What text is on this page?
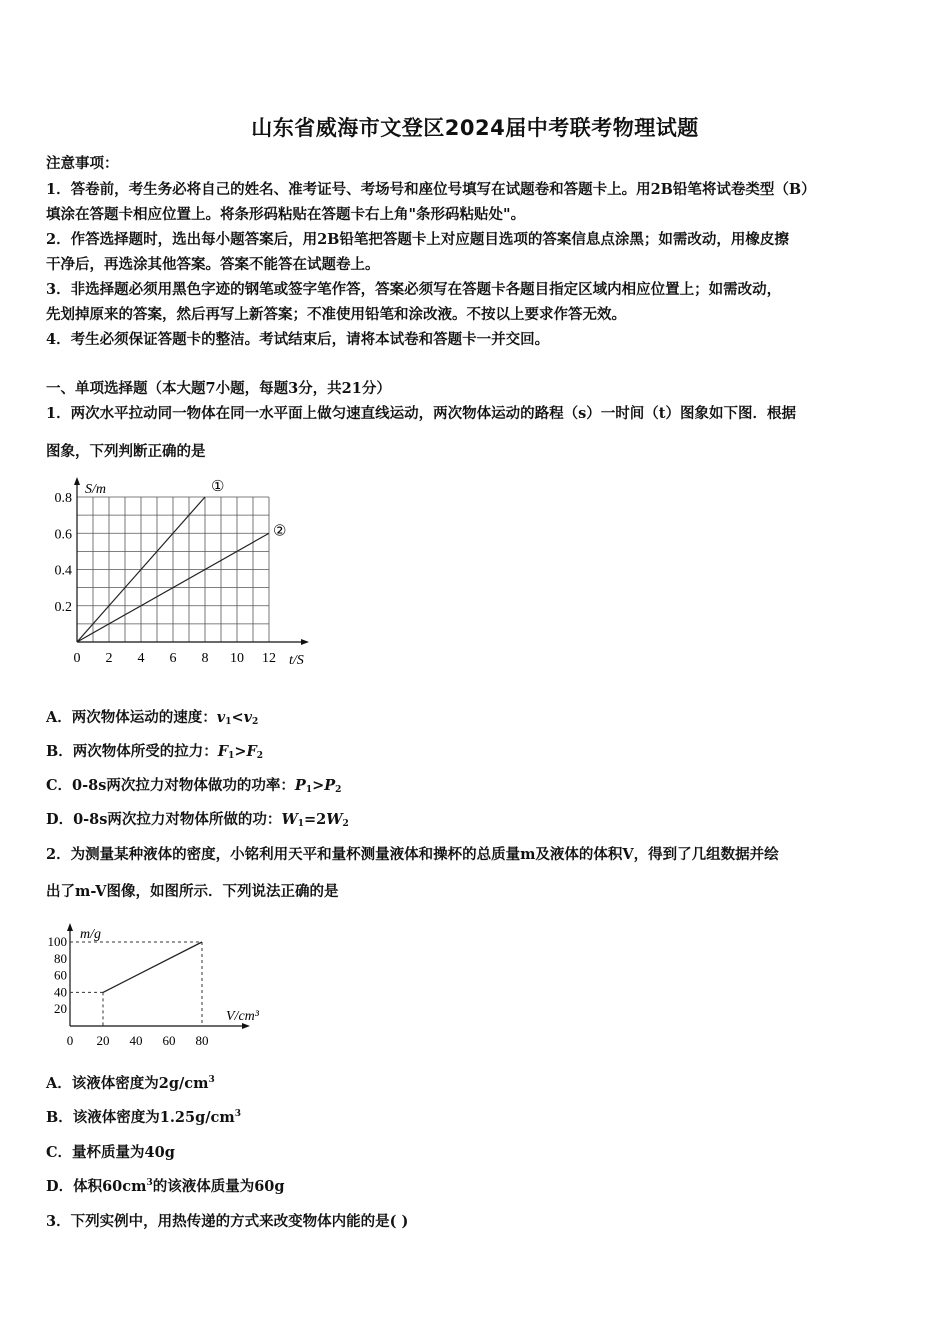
山东省威海市文登区2024届中考联考物理试题
注意事项：
1．答卷前，考生务必将自己的姓名、准考证号、考场号和座位号填写在试题卷和答题卡上。用2B铅笔将试卷类型（B）
填涂在答题卡相应位置上。将条形码粘贴在答题卡右上角"条形码粘贴处"。
2．作答选择题时，选出每小题答案后，用2B铅笔把答题卡上对应题目选项的答案信息点涂黑；如需改动，用橡皮擦
干净后，再选涂其他答案。答案不能答在试题卷上。
3．非选择题必须用黑色字迹的钢笔或签字笔作答，答案必须写在答题卡各题目指定区域内相应位置上；如需改动，
先划掉原来的答案，然后再写上新答案；不准使用铅笔和涂改液。不按以上要求作答无效。
4．考生必须保证答题卡的整洁。考试结束后，请将本试卷和答题卡一并交回。
一、单项选择题（本大题7小题，每题3分，共21分）
1．两次水平拉动同一物体在同一水平面上做匀速直线运动，两次物体运动的路程（s）一时间（t）图象如下图．根据
图象，下列判断正确的是
0 2 4 6 8 10 12
0.2
0.4
0.6
0.8
S/m
t/S
①
②
A．两次物体运动的速度：$v_1<v_2$
B．两次物体所受的拉力：$F_1>F_2$
C．0-8s两次拉力对物体做功的功率：$P_1>P_2$
D．0-8s两次拉力对物体所做的功：$W_1=2W_2$
2．为测量某种液体的密度，小铭利用天平和量杯测量液体和操杯的总质量m及液体的体积V，得到了几组数据并绘
出了m-V图像，如图所示．下列说法正确的是
0 20 40 60 80
20
40
60
80
100 m/g
V/cm³
A．该液体密度为$2g/cm^3$
B．该液体密度为$1.25g/cm^3$
C．量杯质量为40g
D．体积$60cm^3$的该液体质量为60g
3．下列实例中，用热传递的方式来改变物体内能的是( )
